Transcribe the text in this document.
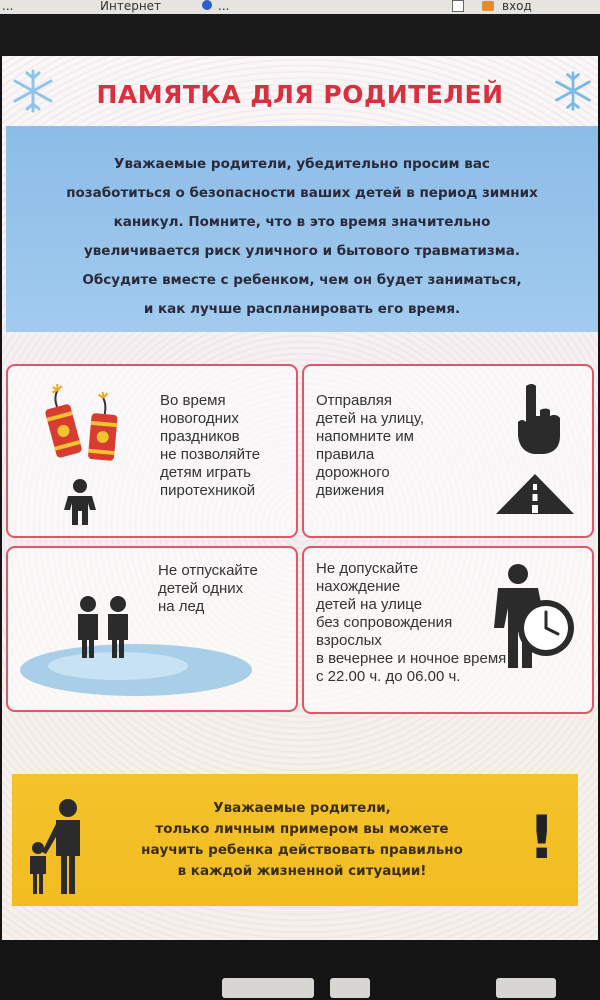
...	Интернет	...	вход
ПАМЯТКА ДЛЯ РОДИТЕЛЕЙ
Уважаемые родители, убедительно просим вас
позаботиться о безопасности ваших детей в период зимних
каникул. Помните, что в это время значительно
увеличивается риск уличного и бытового травматизма.
Обсудите вместе с ребенком, чем он будет заниматься,
и как лучше распланировать его время.
Во время
новогодних
праздников
не позволяйте
детям играть
пиротехникой
Отправляя
детей на улицу,
напомните им
правила
дорожного
движения
Не отпускайте
детей одних
на лед
Не допускайте
нахождение
детей на улице
без сопровождения
взрослых
в вечернее и ночное время
с 22.00 ч. до 06.00 ч.
Уважаемые родители,
только личным примером вы можете
научить ребенка действовать правильно
в каждой жизненной ситуации!	!
